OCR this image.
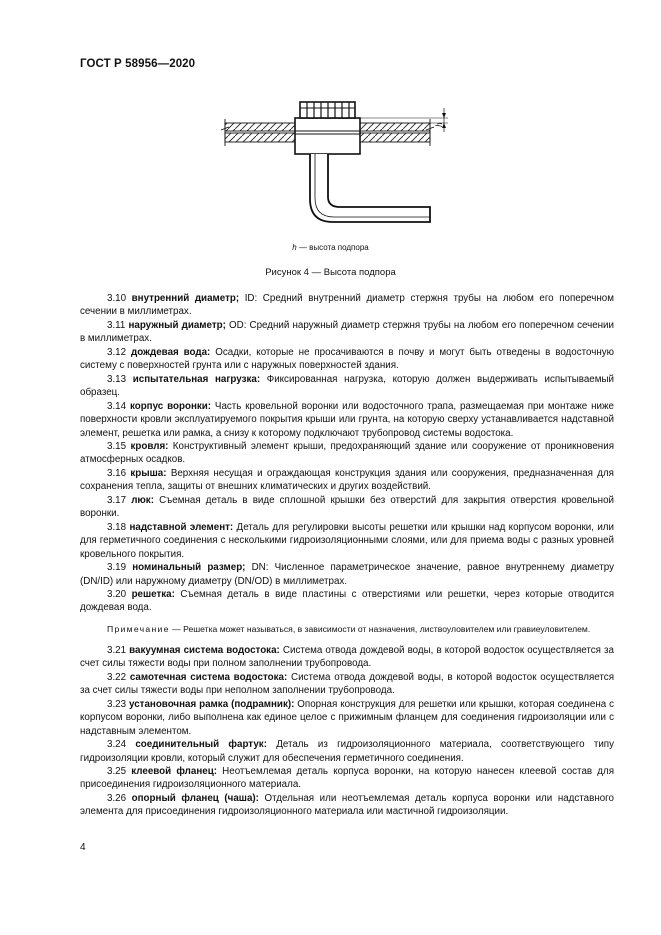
ГОСТ Р 58956—2020
h
h — высота подпора
Рисунок 4 — Высота подпора

3.10 внутренний диаметр; ID: Средний внутренний диаметр стержня трубы на любом его поперечном сечении в миллиметрах.

3.11 наружный диаметр; OD: Средний наружный диаметр стержня трубы на любом его поперечном сечении в миллиметрах.

3.12 дождевая вода: Осадки, которые не просачиваются в почву и могут быть отведены в водосточную систему с поверхностей грунта или с наружных поверхностей здания.

3.13 испытательная нагрузка: Фиксированная нагрузка, которую должен выдерживать испытываемый образец.

3.14 корпус воронки: Часть кровельной воронки или водосточного трапа, размещаемая при монтаже ниже поверхности кровли эксплуатируемого покрытия крыши или грунта, на которую сверху устанавливается надставной элемент, решетка или рамка, а снизу к которому подключают трубопровод системы водостока.

3.15 кровля: Конструктивный элемент крыши, предохраняющий здание или сооружение от проникновения атмосферных осадков.

3.16 крыша: Верхняя несущая и ограждающая конструкция здания или сооружения, предназначенная для сохранения тепла, защиты от внешних климатических и других воздействий.

3.17 люк: Съемная деталь в виде сплошной крышки без отверстий для закрытия отверстия кровельной воронки.

3.18 надставной элемент: Деталь для регулировки высоты решетки или крышки над корпусом воронки, или для герметичного соединения с несколькими гидроизоляционными слоями, или для приема воды с разных уровней кровельного покрытия.

3.19 номинальный размер; DN: Численное параметрическое значение, равное внутреннему диаметру (DN/ID) или наружному диаметру (DN/OD) в миллиметрах.

3.20 решетка: Съемная деталь в виде пластины с отверстиями или решетки, через которые отводится дождевая вода.

Примечание — Решетка может называться, в зависимости от назначения, листвоуловителем или гравиеуловителем.

3.21 вакуумная система водостока: Система отвода дождевой воды, в которой водосток осуществляется за счет силы тяжести воды при полном заполнении трубопровода.

3.22 самотечная система водостока: Система отвода дождевой воды, в которой водосток осуществляется за счет силы тяжести воды при неполном заполнении трубопровода.

3.23 установочная рамка (подрамник): Опорная конструкция для решетки или крышки, которая соединена с корпусом воронки, либо выполнена как единое целое с прижимным фланцем для соединения гидроизоляции или с надставным элементом.

3.24 соединительный фартук: Деталь из гидроизоляционного материала, соответствующего типу гидроизоляции кровли, который служит для обеспечения герметичного соединения.

3.25 клеевой фланец: Неотъемлемая деталь корпуса воронки, на которую нанесен клеевой состав для присоединения гидроизоляционного материала.

3.26 опорный фланец (чаша): Отдельная или неотъемлемая деталь корпуса воронки или надставного элемента для присоединения гидроизоляционного материала или мастичной гидроизоляции.

4
